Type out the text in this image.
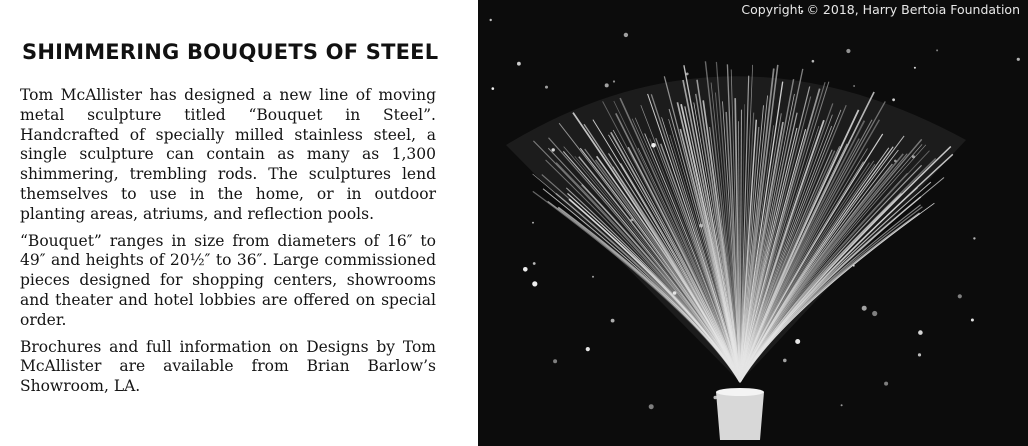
SHIMMERING BOUQUETS OF STEEL

Tom McAllister has designed a new line of moving metal sculpture titled “Bouquet in Steel”. Handcrafted of specially milled stainless steel, a single sculpture can contain as many as 1,300 shimmering, trembling rods. The sculptures lend themselves to use in the home, or in outdoor planting areas, atriums, and reflection pools.

“Bouquet” ranges in size from diameters of 16″ to 49″ and heights of 20½″ to 36″. Large commissioned pieces designed for shopping centers, showrooms and theater and hotel lobbies are offered on special order.

Brochures and full information on Designs by Tom McAllister are available from Brian Barlow’s Showroom, LA.

Copyright © 2018, Harry Bertoia Foundation
